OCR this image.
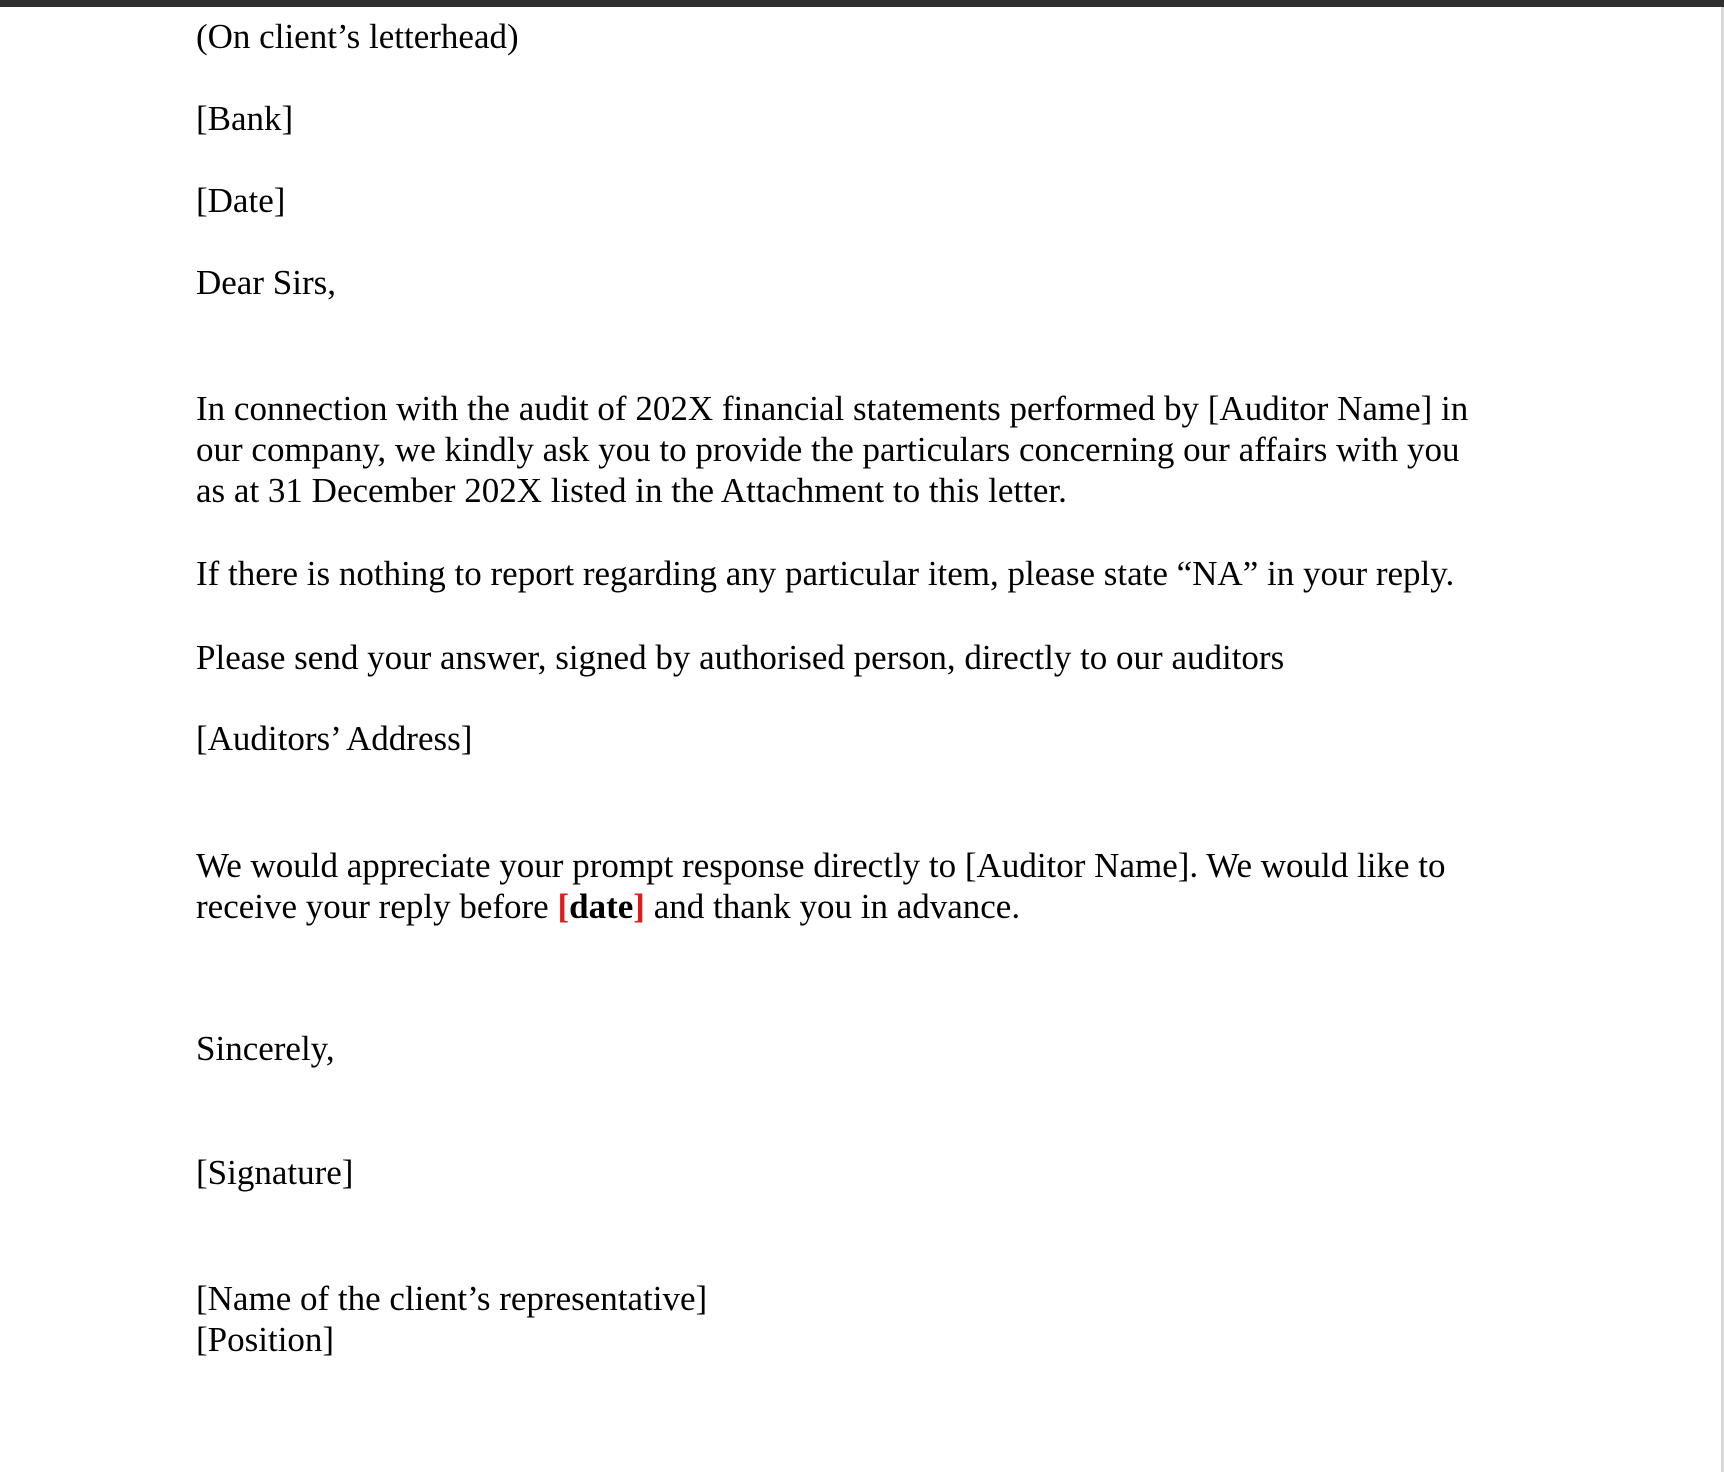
(On client’s letterhead)

[Bank]

[Date]

Dear Sirs,

In connection with the audit of 202X financial statements performed by [Auditor Name] in
our company, we kindly ask you to provide the particulars concerning our affairs with you
as at 31 December 202X listed in the Attachment to this letter.

If there is nothing to report regarding any particular item, please state “NA” in your reply.

Please send your answer, signed by authorised person, directly to our auditors

[Auditors’ Address]

We would appreciate your prompt response directly to [Auditor Name]. We would like to
receive your reply before [date] and thank you in advance.

Sincerely,

[Signature]

[Name of the client’s representative]

[Position]
